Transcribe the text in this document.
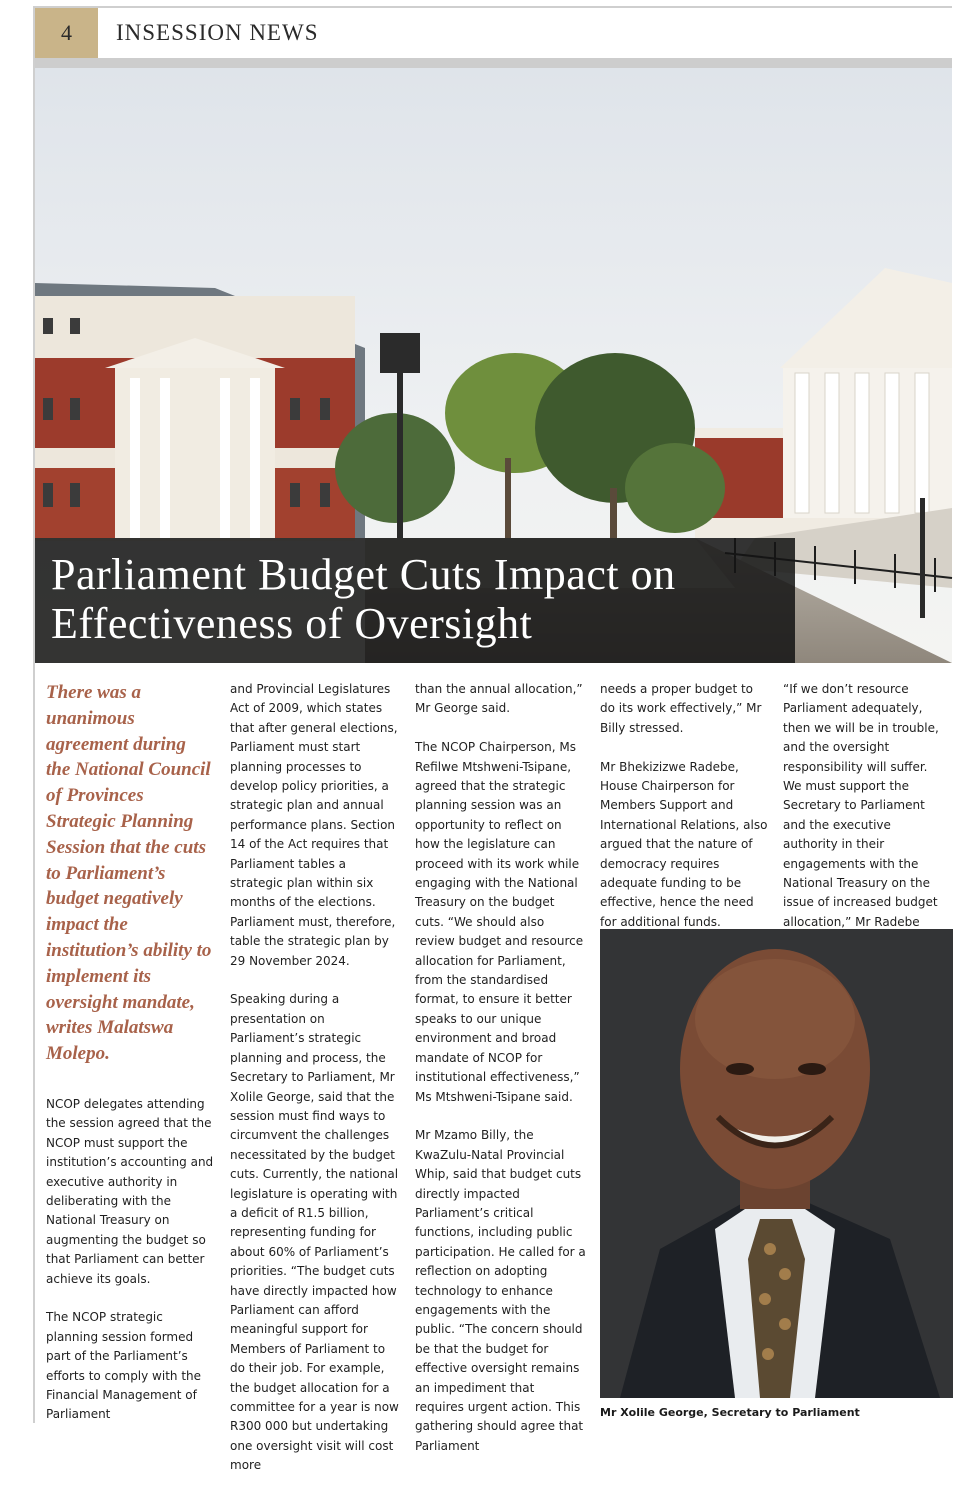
4	INSESSION NEWS
Parliament Budget Cuts Impact on
Effectiveness of Oversight
There was a unanimous agreement during the National Council of Provinces Strategic Planning Session that the cuts to Parliament’s budget negatively impact the institution’s ability to implement its oversight mandate, writes Malatswa Molepo.

NCOP delegates attending the session agreed that the NCOP must support the institution’s accounting and executive authority in deliberating with the National Treasury on augmenting the budget so that Parliament can better achieve its goals.

The NCOP strategic planning session formed part of the Parliament’s efforts to comply with the Financial Management of Parliament

and Provincial Legislatures Act of 2009, which states that after general elections, Parliament must start planning processes to develop policy priorities, a strategic plan and annual performance plans. Section 14 of the Act requires that Parliament tables a strategic plan within six months of the elections. Parliament must, therefore, table the strategic plan by 29 November 2024.

Speaking during a presentation on Parliament’s strategic planning and process, the Secretary to Parliament, Mr Xolile George, said that the session must find ways to circumvent the challenges necessitated by the budget cuts. Currently, the national legislature is operating with a deficit of R1.5 billion, representing funding for about 60% of Parliament’s priorities. “The budget cuts have directly impacted how Parliament can afford meaningful support for Members of Parliament to do their job. For example, the budget allocation for a committee for a year is now R300 000 but undertaking one oversight visit will cost more

than the annual allocation,” Mr George said.

The NCOP Chairperson, Ms Refilwe Mtshweni-Tsipane, agreed that the strategic planning session was an opportunity to reflect on how the legislature can proceed with its work while engaging with the National Treasury on the budget cuts. “We should also review budget and resource allocation for Parliament, from the standardised format, to ensure it better speaks to our unique environment and broad mandate of NCOP for institutional effectiveness,” Ms Mtshweni-Tsipane said.

Mr Mzamo Billy, the KwaZulu-Natal Provincial Whip, said that budget cuts directly impacted Parliament’s critical functions, including public participation. He called for a reflection on adopting technology to enhance engagements with the public. “The concern should be that the budget for effective oversight remains an impediment that requires urgent action. This gathering should agree that Parliament

needs a proper budget to do its work effectively,” Mr Billy stressed.

Mr Bhekizizwe Radebe, House Chairperson for Members Support and International Relations, also argued that the nature of democracy requires adequate funding to be effective, hence the need for additional funds.

“If we don’t resource Parliament adequately, then we will be in trouble, and the oversight responsibility will suffer. We must support the Secretary to Parliament and the executive authority in their engagements with the National Treasury on the issue of increased budget allocation,” Mr Radebe

Mr Xolile George, Secretary to Parliament
